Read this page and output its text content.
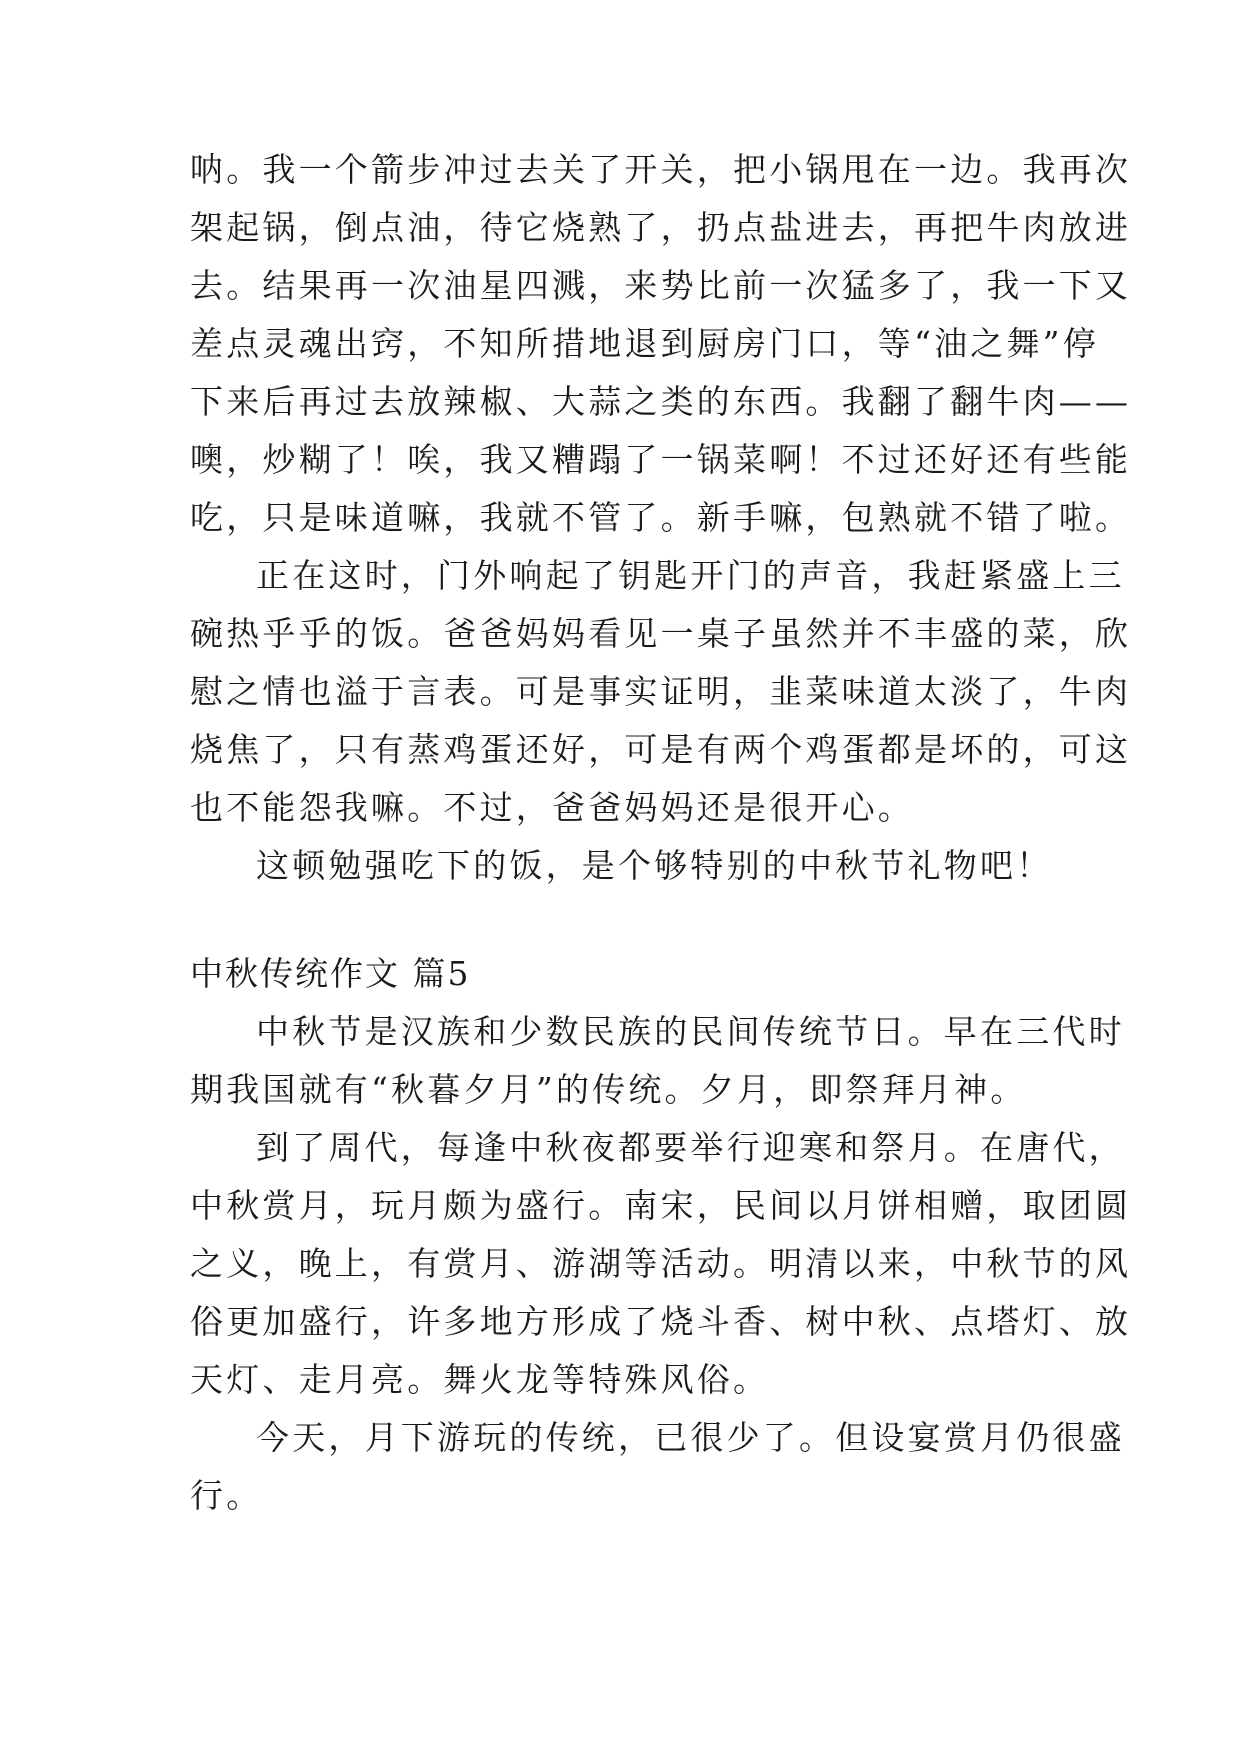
呐。我一个箭步冲过去关了开关，把小锅甩在一边。我再次
架起锅，倒点油，待它烧熟了，扔点盐进去，再把牛肉放进
去。结果再一次油星四溅，来势比前一次猛多了，我一下又
差点灵魂出窍，不知所措地退到厨房门口，等“油之舞”停
下来后再过去放辣椒、大蒜之类的东西。我翻了翻牛肉——
噢，炒糊了！唉，我又糟蹋了一锅菜啊！不过还好还有些能
吃，只是味道嘛，我就不管了。新手嘛，包熟就不错了啦。
正在这时，门外响起了钥匙开门的声音，我赶紧盛上三
碗热乎乎的饭。爸爸妈妈看见一桌子虽然并不丰盛的菜，欣
慰之情也溢于言表。可是事实证明，韭菜味道太淡了，牛肉
烧焦了，只有蒸鸡蛋还好，可是有两个鸡蛋都是坏的，可这
也不能怨我嘛。不过，爸爸妈妈还是很开心。
这顿勉强吃下的饭，是个够特别的中秋节礼物吧！
中秋传统作文 篇5
中秋节是汉族和少数民族的民间传统节日。早在三代时
期我国就有“秋暮夕月”的传统。夕月，即祭拜月神。
到了周代，每逢中秋夜都要举行迎寒和祭月。在唐代，
中秋赏月，玩月颇为盛行。南宋，民间以月饼相赠，取团圆
之义，晚上，有赏月、游湖等活动。明清以来，中秋节的风
俗更加盛行，许多地方形成了烧斗香、树中秋、点塔灯、放
天灯、走月亮。舞火龙等特殊风俗。
今天，月下游玩的传统，已很少了。但设宴赏月仍很盛
行。
